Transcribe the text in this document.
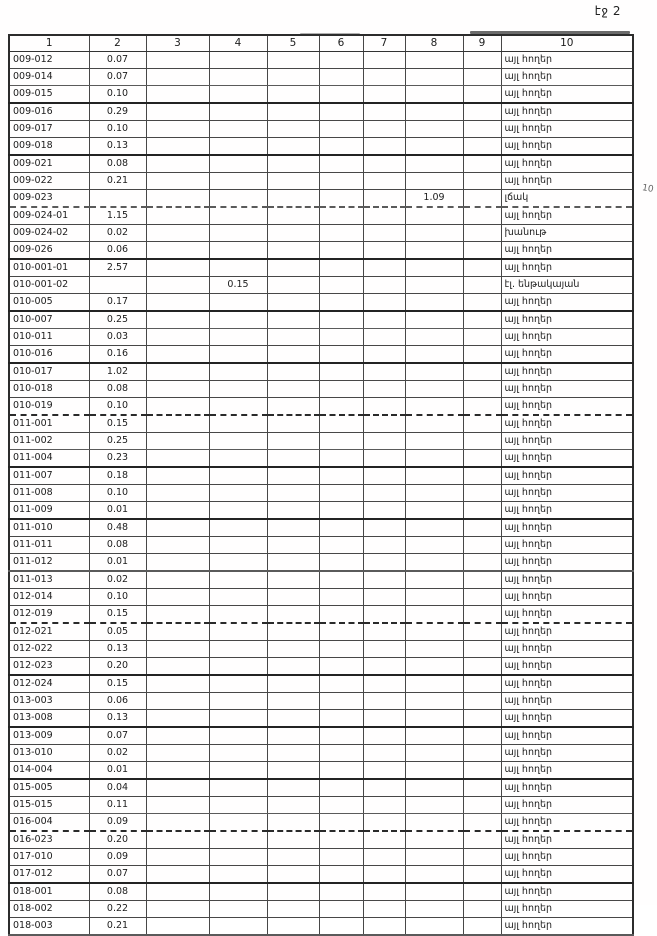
էջ 2
1	2	3	4	5	6	7	8	9	10
009-012	0.07								այլ հողեր
009-014	0.07								այլ հողեր
009-015	0.10								այլ հողեր
009-016	0.29								այլ հողեր
009-017	0.10								այլ հողեր
009-018	0.13								այլ հողեր
009-021	0.08								այլ հողեր
009-022	0.21								այլ հողեր
009-023							1.09		լճակ
009-024-01	1.15								այլ հողեր
009-024-02	0.02								խանութ
009-026	0.06								այլ հողեր
010-001-01	2.57								այլ հողեր
010-001-02			0.15						էլ. ենթակայան
010-005	0.17								այլ հողեր
010-007	0.25								այլ հողեր
010-011	0.03								այլ հողեր
010-016	0.16								այլ հողեր
010-017	1.02								այլ հողեր
010-018	0.08								այլ հողեր
010-019	0.10								այլ հողեր
011-001	0.15								այլ հողեր
011-002	0.25								այլ հողեր
011-004	0.23								այլ հողեր
011-007	0.18								այլ հողեր
011-008	0.10								այլ հողեր
011-009	0.01								այլ հողեր
011-010	0.48								այլ հողեր
011-011	0.08								այլ հողեր
011-012	0.01								այլ հողեր
011-013	0.02								այլ հողեր
012-014	0.10								այլ հողեր
012-019	0.15								այլ հողեր
012-021	0.05								այլ հողեր
012-022	0.13								այլ հողեր
012-023	0.20								այլ հողեր
012-024	0.15								այլ հողեր
013-003	0.06								այլ հողեր
013-008	0.13								այլ հողեր
013-009	0.07								այլ հողեր
013-010	0.02								այլ հողեր
014-004	0.01								այլ հողեր
015-005	0.04								այլ հողեր
015-015	0.11								այլ հողեր
016-004	0.09								այլ հողեր
016-023	0.20								այլ հողեր
017-010	0.09								այլ հողեր
017-012	0.07								այլ հողեր
018-001	0.08								այլ հողեր
018-002	0.22								այլ հողեր
018-003	0.21								այլ հողեր
10
